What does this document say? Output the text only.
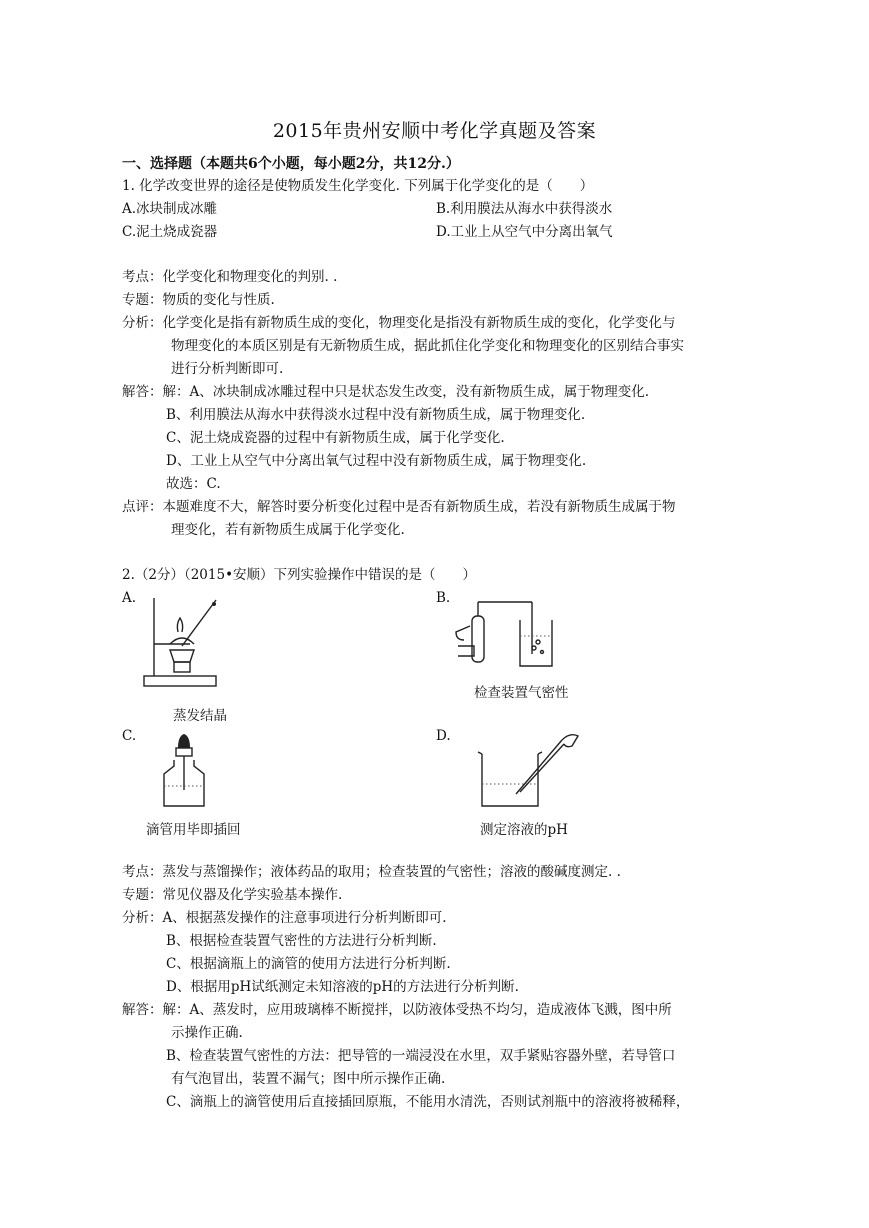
2015年贵州安顺中考化学真题及答案
一、选择题（本题共6个小题，每小题2分，共12分.）
1. 化学改变世界的途径是使物质发生化学变化. 下列属于化学变化的是（　　）
A.冰块制成冰雕	B.利用膜法从海水中获得淡水
C.泥土烧成瓷器	D.工业上从空气中分离出氧气
考点：化学变化和物理变化的判别. .
专题：物质的变化与性质.
分析：化学变化是指有新物质生成的变化，物理变化是指没有新物质生成的变化，化学变化与
物理变化的本质区别是有无新物质生成，据此抓住化学变化和物理变化的区别结合事实
进行分析判断即可.
解答：解：A、冰块制成冰雕过程中只是状态发生改变，没有新物质生成，属于物理变化.
B、利用膜法从海水中获得淡水过程中没有新物质生成，属于物理变化.
C、泥土烧成瓷器的过程中有新物质生成，属于化学变化.
D、工业上从空气中分离出氧气过程中没有新物质生成，属于物理变化.
故选：C.
点评：本题难度不大，解答时要分析变化过程中是否有新物质生成，若没有新物质生成属于物
理变化，若有新物质生成属于化学变化.
2.（2分）（2015•安顺）下列实验操作中错误的是（　　）
A.
蒸发结晶
B.
检查装置气密性
C.
滴管用毕即插回
D.
测定溶液的pH
考点：蒸发与蒸馏操作；液体药品的取用；检查装置的气密性；溶液的酸碱度测定. .
专题：常见仪器及化学实验基本操作.
分析：A、根据蒸发操作的注意事项进行分析判断即可.
B、根据检查装置气密性的方法进行分析判断.
C、根据滴瓶上的滴管的使用方法进行分析判断.
D、根据用pH试纸测定未知溶液的pH的方法进行分析判断.
解答：解：A、蒸发时，应用玻璃棒不断搅拌，以防液体受热不均匀，造成液体飞溅，图中所
示操作正确.
B、检查装置气密性的方法：把导管的一端浸没在水里，双手紧贴容器外壁，若导管口
有气泡冒出，装置不漏气；图中所示操作正确.
C、滴瓶上的滴管使用后直接插回原瓶，不能用水清洗，否则试剂瓶中的溶液将被稀释，
